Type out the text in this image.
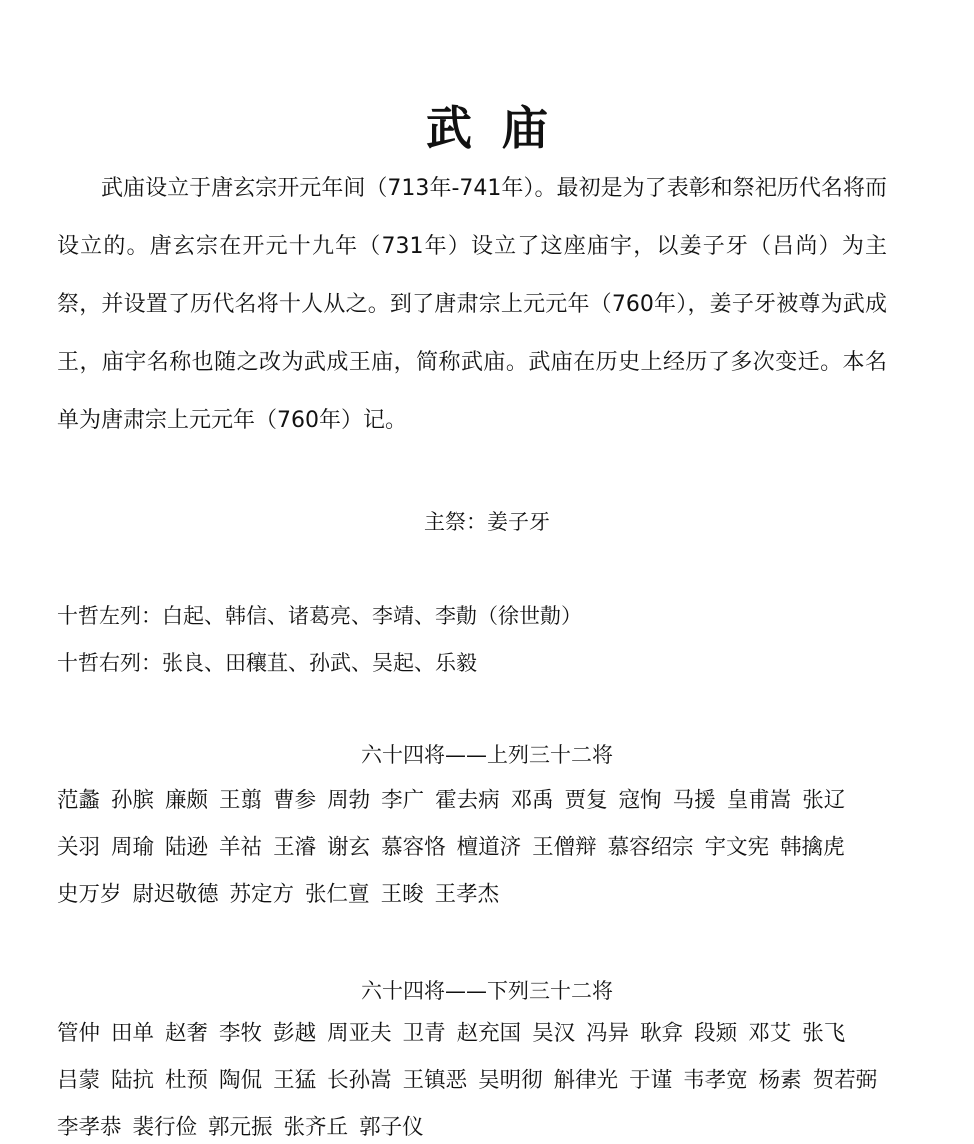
武庙
武庙设立于唐玄宗开元年间（713年-741年）。最初是为了表彰和祭祀历代名将而设立的。唐玄宗在开元十九年（731年）设立了这座庙宇，以姜子牙（吕尚）为主祭，并设置了历代名将十人从之。到了唐肃宗上元元年（760年），姜子牙被尊为武成王，庙宇名称也随之改为武成王庙，简称武庙。武庙在历史上经历了多次变迁。本名单为唐肃宗上元元年（760年）记。
主祭：姜子牙
十哲左列：白起、韩信、诸葛亮、李靖、李勣（徐世勣）
十哲右列：张良、田穰苴、孙武、吴起、乐毅
六十四将——上列三十二将
范蠡 孙膑 廉颇 王翦 曹参 周勃 李广 霍去病 邓禹 贾复 寇恂 马援 皇甫嵩 张辽
关羽 周瑜 陆逊 羊祜 王濬 谢玄 慕容恪 檀道济 王僧辩 慕容绍宗 宇文宪 韩擒虎
史万岁 尉迟敬德 苏定方 张仁亶 王晙 王孝杰
六十四将——下列三十二将
管仲 田单 赵奢 李牧 彭越 周亚夫 卫青 赵充国 吴汉 冯异 耿弇 段颎 邓艾 张飞
吕蒙 陆抗 杜预 陶侃 王猛 长孙嵩 王镇恶 吴明彻 斛律光 于谨 韦孝宽 杨素 贺若弼
李孝恭 裴行俭 郭元振 张齐丘 郭子仪
